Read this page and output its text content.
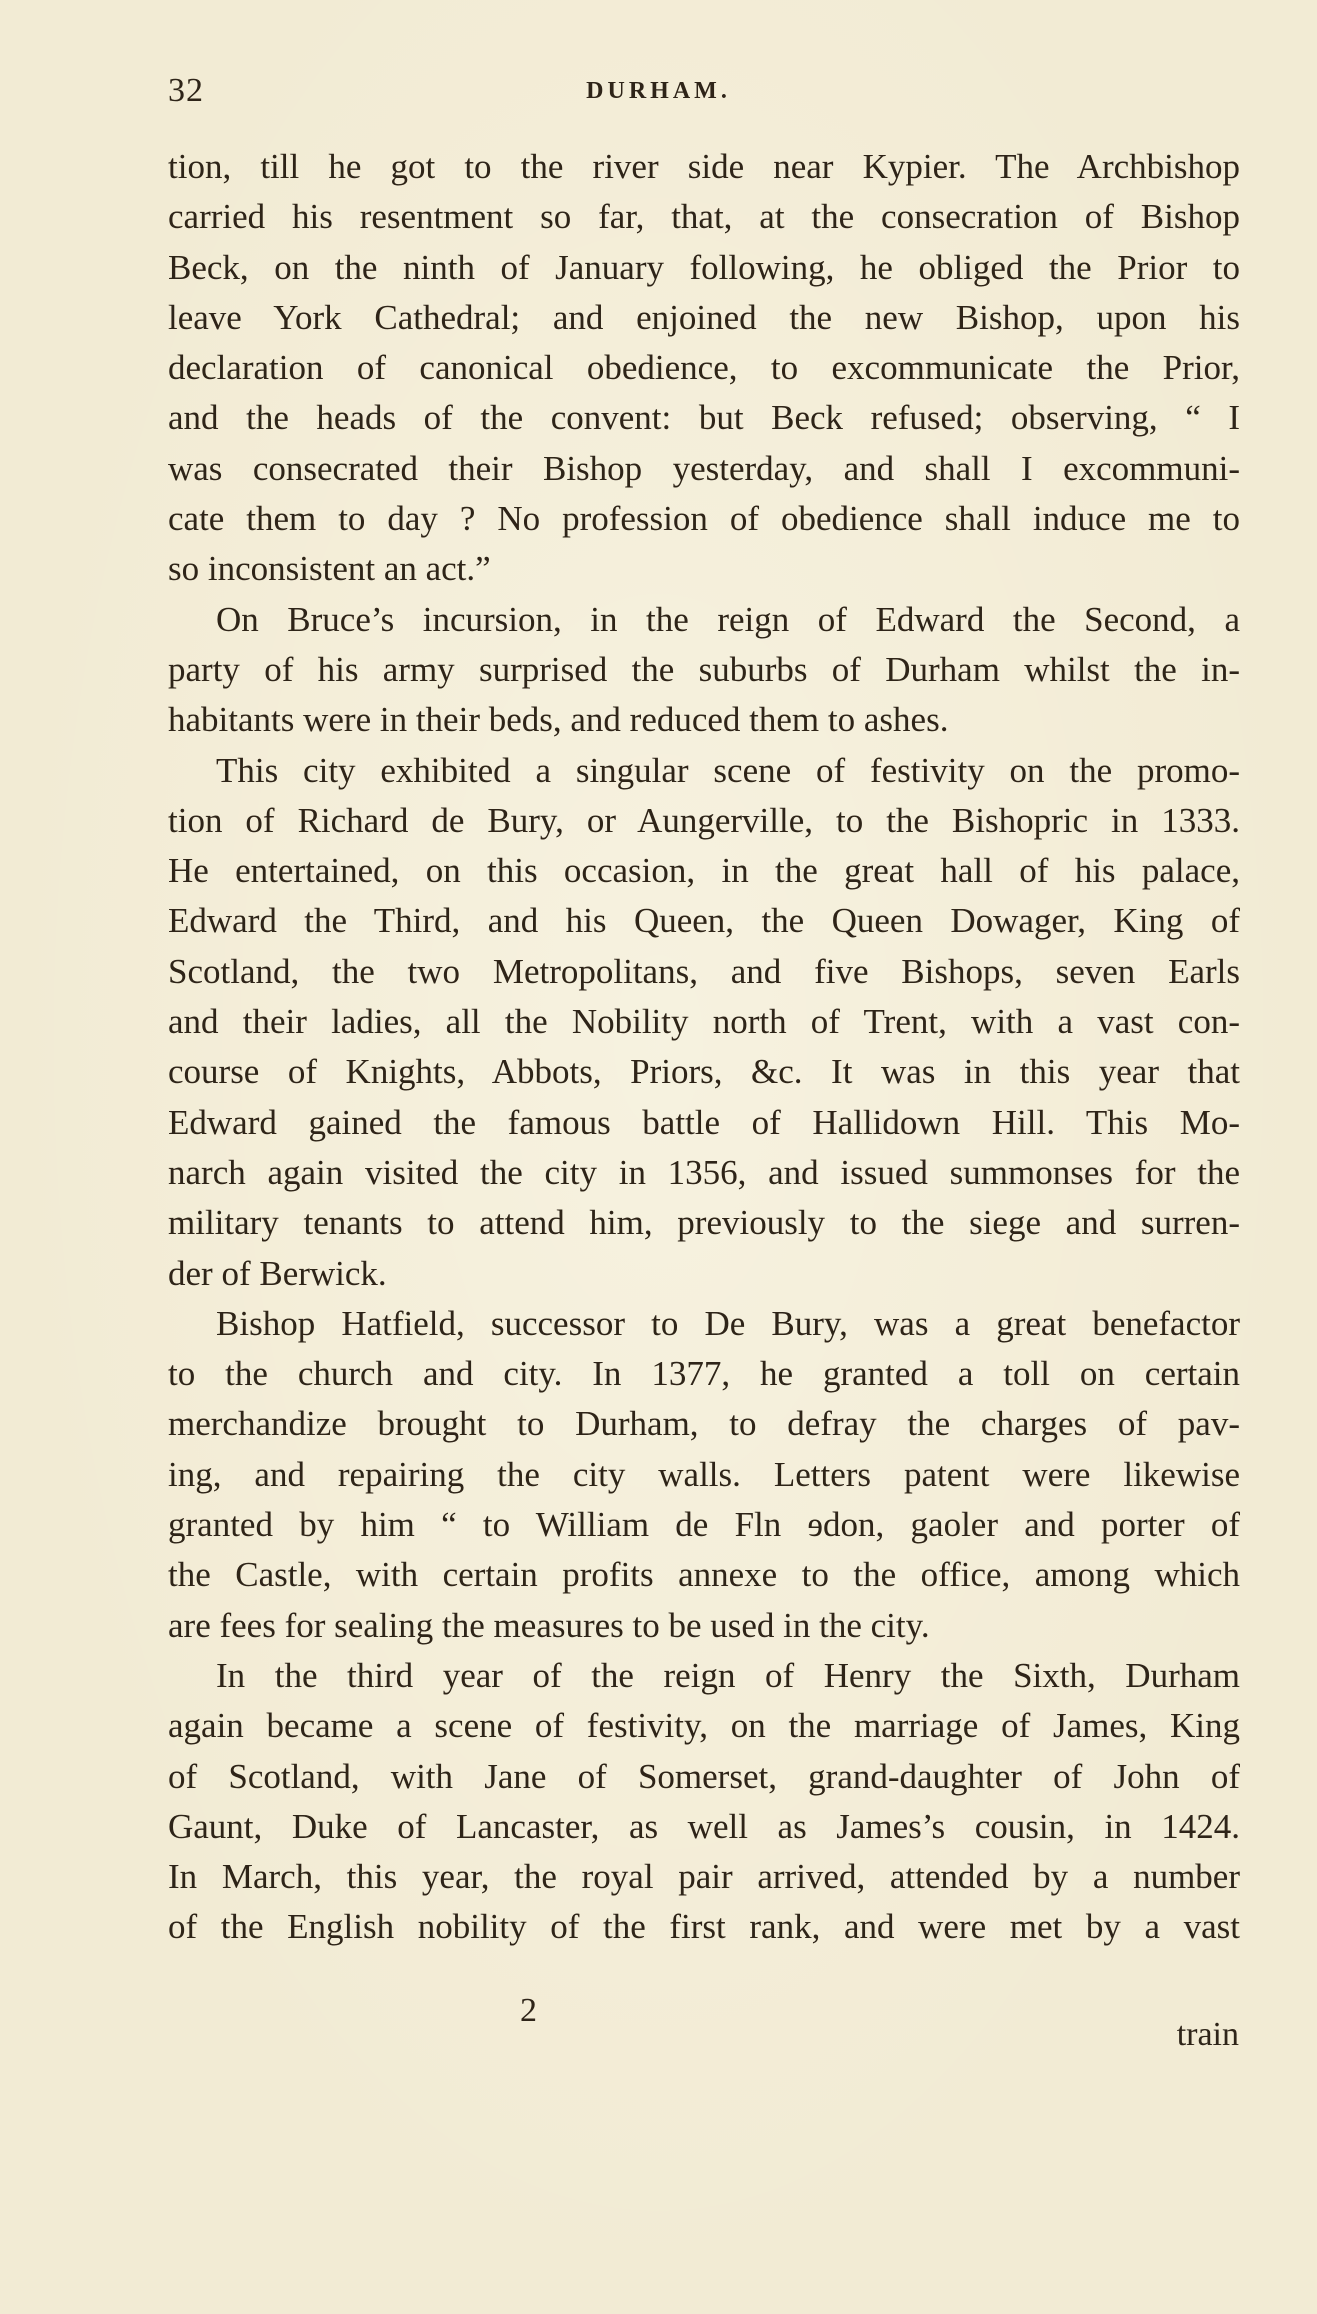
32	DURHAM.
tion, till he got to the river side near Kypier. The Archbishop
carried his resentment so far, that, at the consecration of Bishop
Beck, on the ninth of January following, he obliged the Prior to
leave York Cathedral; and enjoined the new Bishop, upon his
declaration of canonical obedience, to excommunicate the Prior,
and the heads of the convent: but Beck refused; observing, “ I
was consecrated their Bishop yesterday, and shall I excommuni-
cate them to day ? No profession of obedience shall induce me to
so inconsistent an act.”
On Bruce’s incursion, in the reign of Edward the Second, a
party of his army surprised the suburbs of Durham whilst the in-
habitants were in their beds, and reduced them to ashes.
This city exhibited a singular scene of festivity on the promo-
tion of Richard de Bury, or Aungerville, to the Bishopric in 1333.
He entertained, on this occasion, in the great hall of his palace,
Edward the Third, and his Queen, the Queen Dowager, King of
Scotland, the two Metropolitans, and five Bishops, seven Earls
and their ladies, all the Nobility north of Trent, with a vast con-
course of Knights, Abbots, Priors, &c. It was in this year that
Edward gained the famous battle of Hallidown Hill. This Mo-
narch again visited the city in 1356, and issued summonses for the
military tenants to attend him, previously to the siege and surren-
der of Berwick.
Bishop Hatfield, successor to De Bury, was a great benefactor
to the church and city. In 1377, he granted a toll on certain
merchandize brought to Durham, to defray the charges of pav-
ing, and repairing the city walls. Letters patent were likewise
granted by him “ to William de Fln ɘdon, gaoler and porter of
the Castle, with certain profits annexe to the office, among which
are fees for sealing the measures to be used in the city.
In the third year of the reign of Henry the Sixth, Durham
again became a scene of festivity, on the marriage of James, King
of Scotland, with Jane of Somerset, grand-daughter of John of
Gaunt, Duke of Lancaster, as well as James’s cousin, in 1424.
In March, this year, the royal pair arrived, attended by a number
of the English nobility of the first rank, and were met by a vast
2
train
